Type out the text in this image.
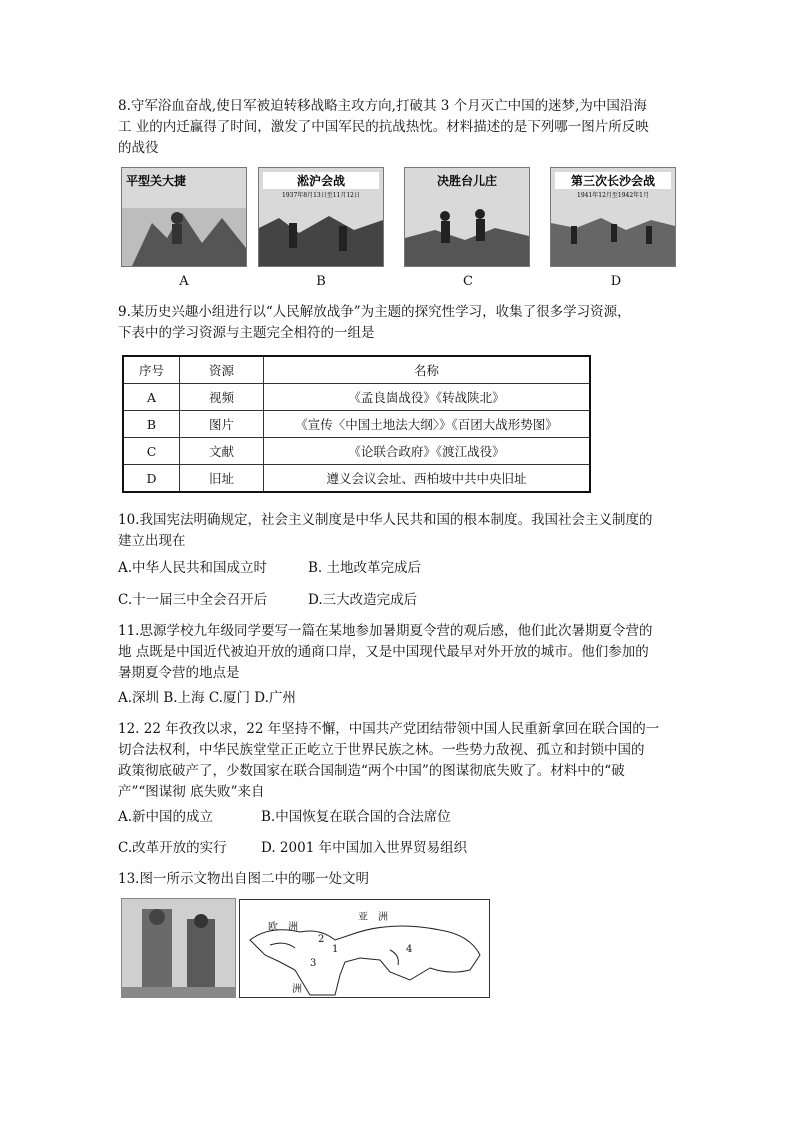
8.守军浴血奋战,使日军被迫转移战略主攻方向,打破其 3 个月灭亡中国的迷梦,为中国沿海
工 业的内迁赢得了时间，激发了中国军民的抗战热忱。材料描述的是下列哪一图片所反映
的战役
平型关大捷	淞沪会战
1937年8月13日至11月12日
决胜台儿庄	第三次长沙会战
1941年12月至1942年1月
A	B	C	D
9.某历史兴趣小组进行以“人民解放战争”为主题的探究性学习，收集了很多学习资源，
下表中的学习资源与主题完全相符的一组是
序号	资源	名称
A	视频	《孟良崮战役》《转战陕北》
B	图片	《宣传〈中国土地法大纲〉》《百团大战形势图》
C	文献	《论联合政府》《渡江战役》
D	旧址	遵义会议会址、西柏坡中共中央旧址
10.我国宪法明确规定，社会主义制度是中华人民共和国的根本制度。我国社会主义制度的
建立出现在
A.中华人民共和国成立时	B. 土地改革完成后
C.十一届三中全会召开后	D.三大改造完成后
11.思源学校九年级同学要写一篇在某地参加暑期夏令营的观后感，他们此次暑期夏令营的
地 点既是中国近代被迫开放的通商口岸，又是中国现代最早对外开放的城市。他们参加的
暑期夏令营的地点是
A.深圳 B.上海 C.厦门 D.广州
12. 22 年孜孜以求，22 年坚持不懈，中国共产党团结带领中国人民重新拿回在联合国的一
切合法权利，中华民族堂堂正正屹立于世界民族之林。一些势力敌视、孤立和封锁中国的
政策彻底破产了，少数国家在联合国制造“两个中国”的图谋彻底失败了。材料中的“破
产”“图谋彻 底失败”来自
A.新中国的成立	B.中国恢复在联合国的合法席位
C.改革开放的实行	D. 2001 年中国加入世界贸易组织
13.图一所示文物出自图二中的哪一处文明
亚　洲
欧　洲
洲
1
2
3
4
